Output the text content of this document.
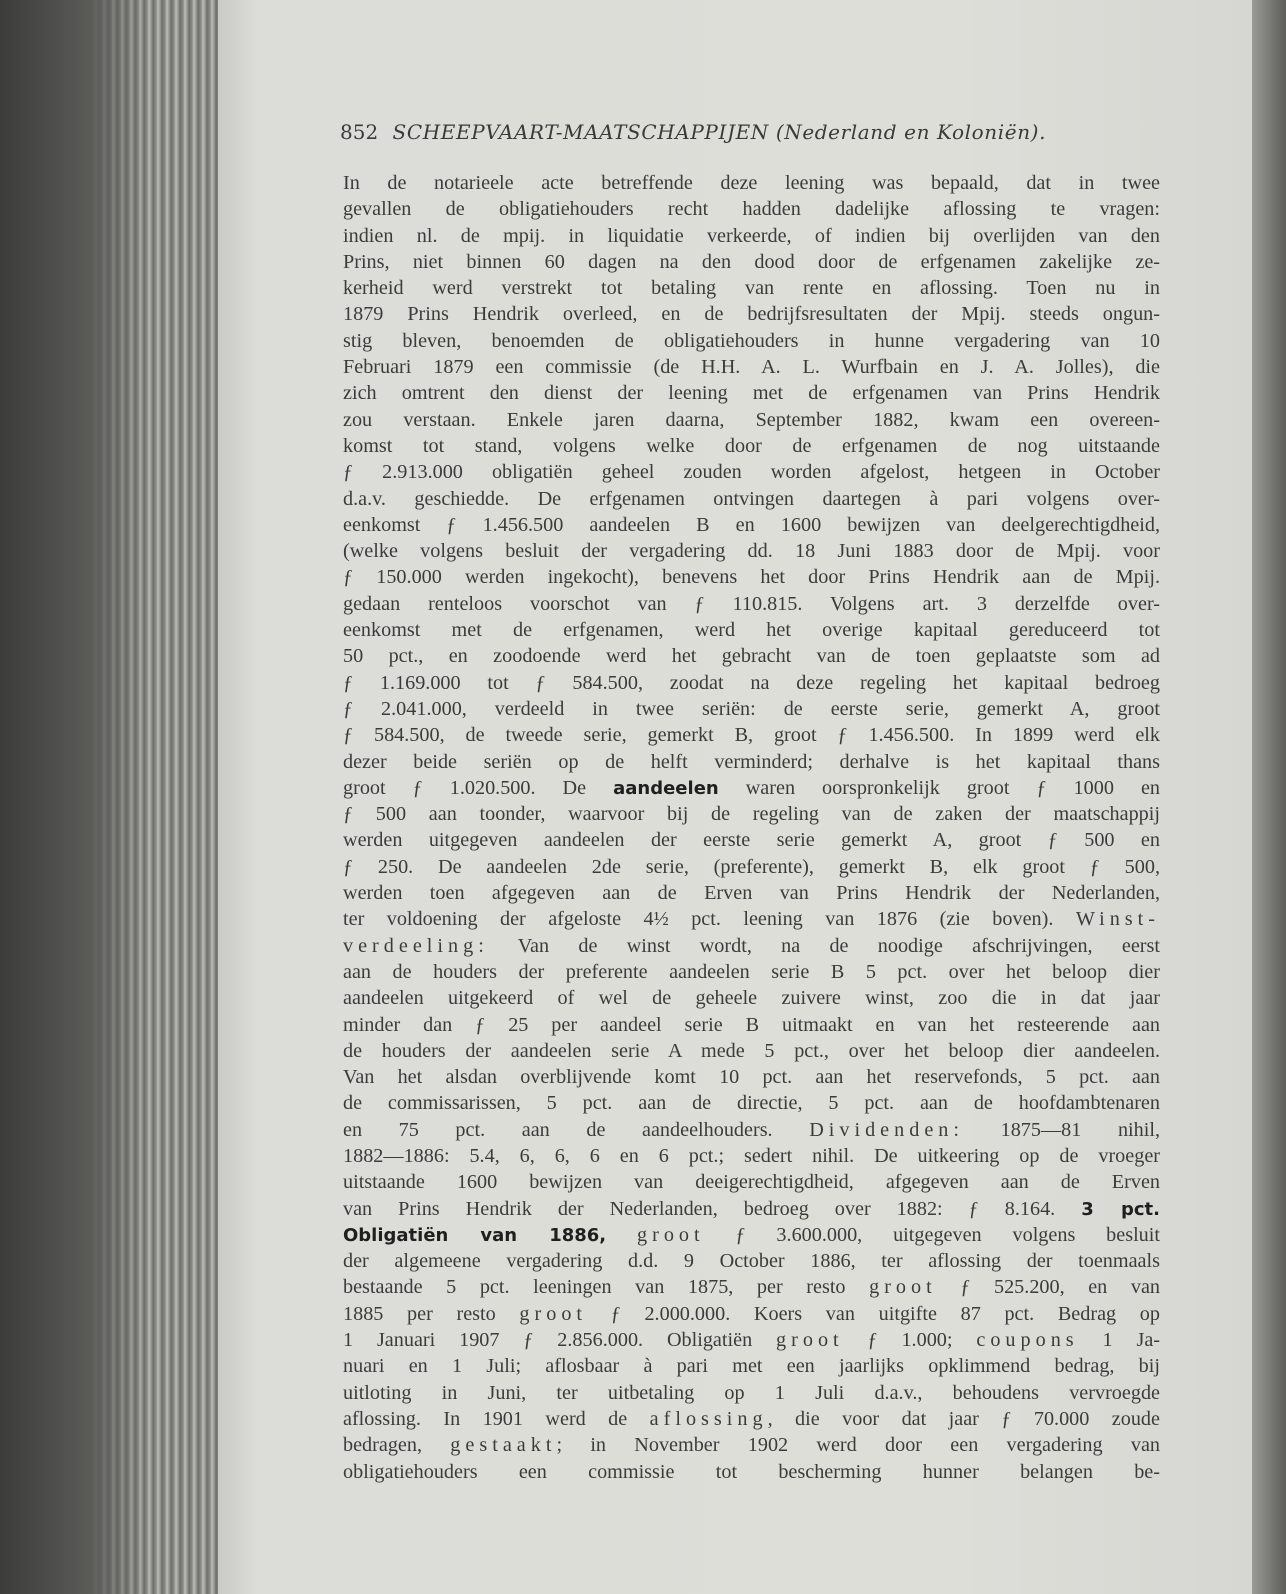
852 SCHEEPVAART-MAATSCHAPPIJEN (Nederland en Koloniën).
In de notarieele acte betreffende deze leening was bepaald, dat in twee
gevallen de obligatiehouders recht hadden dadelijke aflossing te vragen:
indien nl. de mpij. in liquidatie verkeerde, of indien bij overlijden van den
Prins, niet binnen 60 dagen na den dood door de erfgenamen zakelijke ze-
kerheid werd verstrekt tot betaling van rente en aflossing. Toen nu in
1879 Prins Hendrik overleed, en de bedrijfsresultaten der Mpij. steeds ongun-
stig bleven, benoemden de obligatiehouders in hunne vergadering van 10
Februari 1879 een commissie (de H.H. A. L. Wurfbain en J. A. Jolles), die
zich omtrent den dienst der leening met de erfgenamen van Prins Hendrik
zou verstaan. Enkele jaren daarna, September 1882, kwam een overeen-
komst tot stand, volgens welke door de erfgenamen de nog uitstaande
ƒ 2.913.000 obligatiën geheel zouden worden afgelost, hetgeen in October
d.a.v. geschiedde. De erfgenamen ontvingen daartegen à pari volgens over-
eenkomst ƒ 1.456.500 aandeelen B en 1600 bewijzen van deelgerechtigdheid,
(welke volgens besluit der vergadering dd. 18 Juni 1883 door de Mpij. voor
ƒ 150.000 werden ingekocht), benevens het door Prins Hendrik aan de Mpij.
gedaan renteloos voorschot van ƒ 110.815. Volgens art. 3 derzelfde over-
eenkomst met de erfgenamen, werd het overige kapitaal gereduceerd tot
50 pct., en zoodoende werd het gebracht van de toen geplaatste som ad
ƒ 1.169.000 tot ƒ 584.500, zoodat na deze regeling het kapitaal bedroeg
ƒ 2.041.000, verdeeld in twee seriën: de eerste serie, gemerkt A, groot
ƒ 584.500, de tweede serie, gemerkt B, groot ƒ 1.456.500. In 1899 werd elk
dezer beide seriën op de helft verminderd; derhalve is het kapitaal thans
groot ƒ 1.020.500. De aandeelen waren oorspronkelijk groot ƒ 1000 en
ƒ 500 aan toonder, waarvoor bij de regeling van de zaken der maatschappij
werden uitgegeven aandeelen der eerste serie gemerkt A, groot ƒ 500 en
ƒ 250. De aandeelen 2de serie, (preferente), gemerkt B, elk groot ƒ 500,
werden toen afgegeven aan de Erven van Prins Hendrik der Nederlanden,
ter voldoening der afgeloste 4½ pct. leening van 1876 (zie boven). Winst-
verdeeling: Van de winst wordt, na de noodige afschrijvingen, eerst
aan de houders der preferente aandeelen serie B 5 pct. over het beloop dier
aandeelen uitgekeerd of wel de geheele zuivere winst, zoo die in dat jaar
minder dan ƒ 25 per aandeel serie B uitmaakt en van het resteerende aan
de houders der aandeelen serie A mede 5 pct., over het beloop dier aandeelen.
Van het alsdan overblijvende komt 10 pct. aan het reservefonds, 5 pct. aan
de commissarissen, 5 pct. aan de directie, 5 pct. aan de hoofdambtenaren
en 75 pct. aan de aandeelhouders. Dividenden: 1875—81 nihil,
1882—1886: 5.4, 6, 6, 6 en 6 pct.; sedert nihil. De uitkeering op de vroeger
uitstaande 1600 bewijzen van deeigerechtigdheid, afgegeven aan de Erven
van Prins Hendrik der Nederlanden, bedroeg over 1882: ƒ 8.164. 3 pct.
Obligatiën van 1886, groot ƒ 3.600.000, uitgegeven volgens besluit
der algemeene vergadering d.d. 9 October 1886, ter aflossing der toenmaals
bestaande 5 pct. leeningen van 1875, per resto groot ƒ 525.200, en van
1885 per resto groot ƒ 2.000.000. Koers van uitgifte 87 pct. Bedrag op
1 Januari 1907 ƒ 2.856.000. Obligatiën groot ƒ 1.000; coupons 1 Ja-
nuari en 1 Juli; aflosbaar à pari met een jaarlijks opklimmend bedrag, bij
uitloting in Juni, ter uitbetaling op 1 Juli d.a.v., behoudens vervroegde
aflossing. In 1901 werd de aflossing, die voor dat jaar ƒ 70.000 zoude
bedragen, gestaakt; in November 1902 werd door een vergadering van
obligatiehouders een commissie tot bescherming hunner belangen be-
